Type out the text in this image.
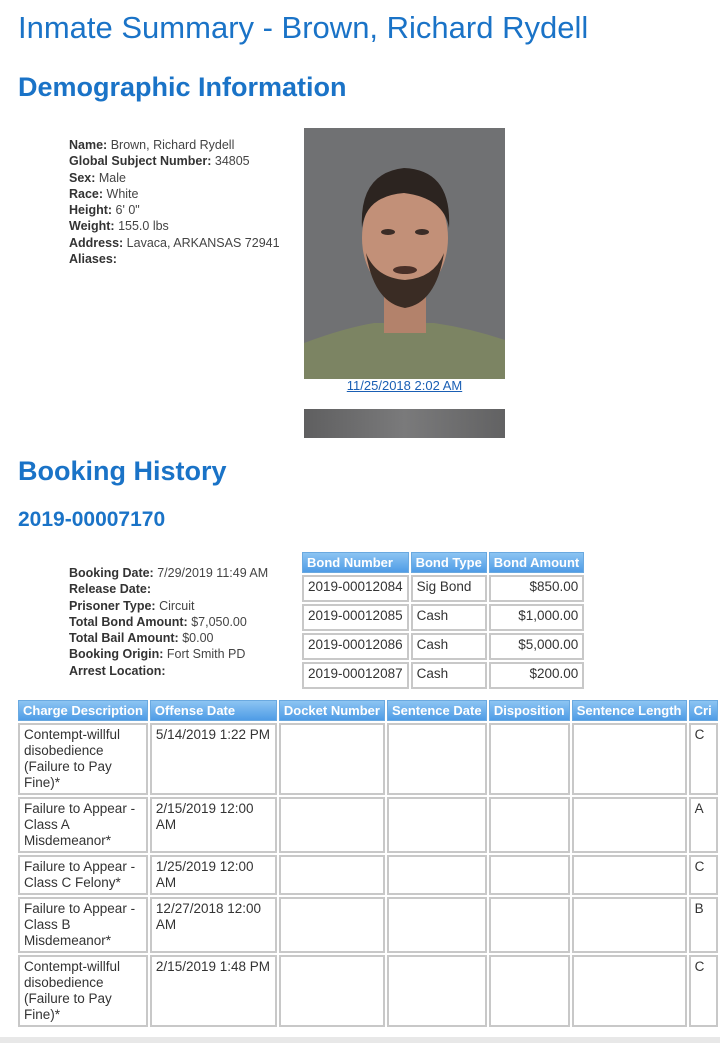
Inmate Summary - Brown, Richard Rydell
Demographic Information
Name: Brown, Richard Rydell
Global Subject Number: 34805
Sex: Male
Race: White
Height: 6' 0"
Weight: 155.0 lbs
Address: Lavaca, ARKANSAS 72941
Aliases:
11/25/2018 2:02 AM
Booking History
2019-00007170
Booking Date: 7/29/2019 11:49 AM
Release Date:
Prisoner Type: Circuit
Total Bond Amount: $7,050.00
Total Bail Amount: $0.00
Booking Origin: Fort Smith PD
Arrest Location:
Bond Number	Bond Type	Bond Amount
2019-00012084	Sig Bond	$850.00
2019-00012085	Cash	$1,000.00
2019-00012086	Cash	$5,000.00
2019-00012087	Cash	$200.00
Charge Description	Offense Date	Docket Number	Sentence Date	Disposition	Sentence Length	Cri
Contempt-willful disobedience (Failure to Pay Fine)*	5/14/2019 1:22 PM					C
Failure to Appear - Class A Misdemeanor*	2/15/2019 12:00 AM					A
Failure to Appear - Class C Felony*	1/25/2019 12:00 AM					C
Failure to Appear - Class B Misdemeanor*	12/27/2018 12:00 AM					B
Contempt-willful disobedience (Failure to Pay Fine)*	2/15/2019 1:48 PM					C
